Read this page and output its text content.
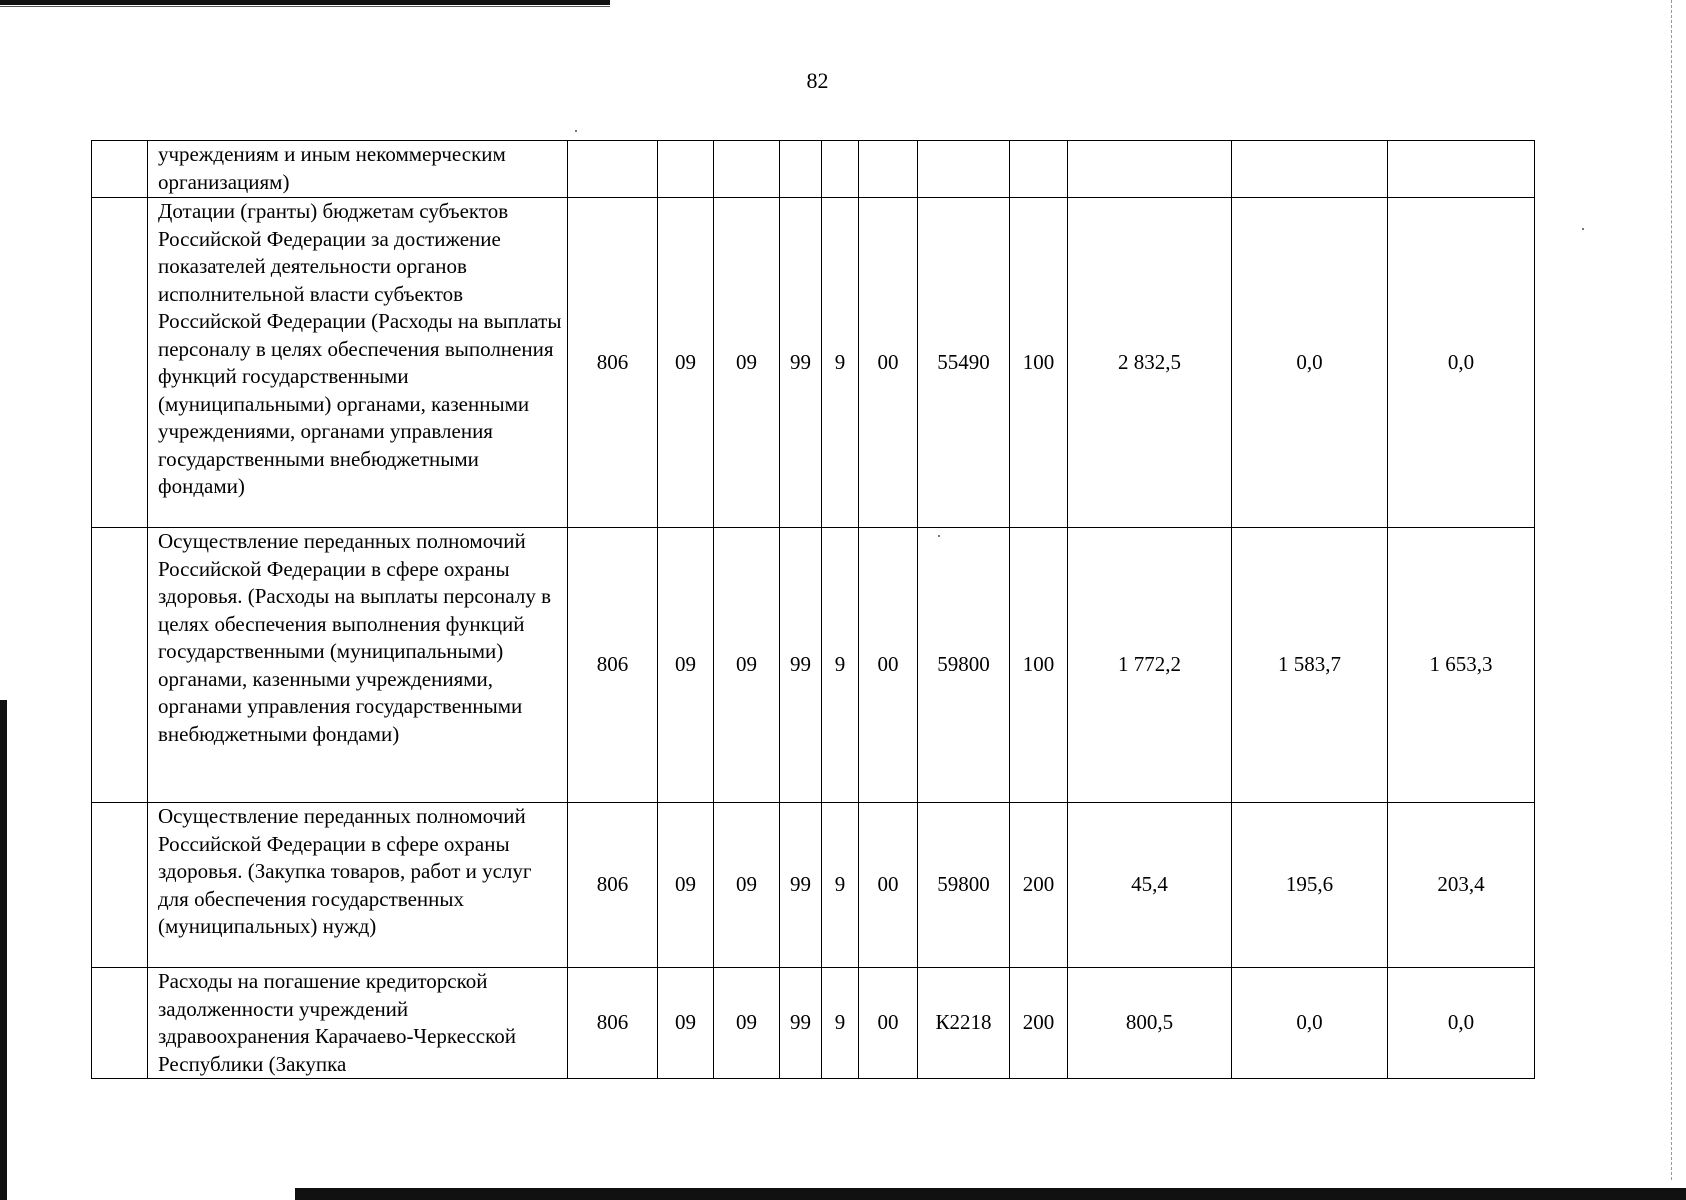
82
	учреждениям и иным некоммерческим организациям)											
	Дотации (гранты) бюджетам субъектов Российской Федерации за достижение показателей деятельности органов исполнительной власти субъектов Российской Федерации (Расходы на выплаты персоналу в целях обеспечения выполнения функций государственными (муниципальными) органами, казенными учреждениями, органами управления государственными внебюджетными фондами)	806	09	09	99	9	00	55490	100	2 832,5	0,0	0,0
	Осуществление переданных полномочий Российской Федерации в сфере охраны здоровья. (Расходы на выплаты персоналу в целях обеспечения выполнения функций государственными (муниципальными) органами, казенными учреждениями, органами управления государственными внебюджетными фондами)	806	09	09	99	9	00	59800	100	1 772,2	1 583,7	1 653,3
	Осуществление переданных полномочий Российской Федерации в сфере охраны здоровья. (Закупка товаров, работ и услуг для обеспечения государственных (муниципальных) нужд)	806	09	09	99	9	00	59800	200	45,4	195,6	203,4
	Расходы на погашение кредиторской задолженности учреждений здравоохранения Карачаево-Черкесской Республики (Закупка	806	09	09	99	9	00	К2218	200	800,5	0,0	0,0
